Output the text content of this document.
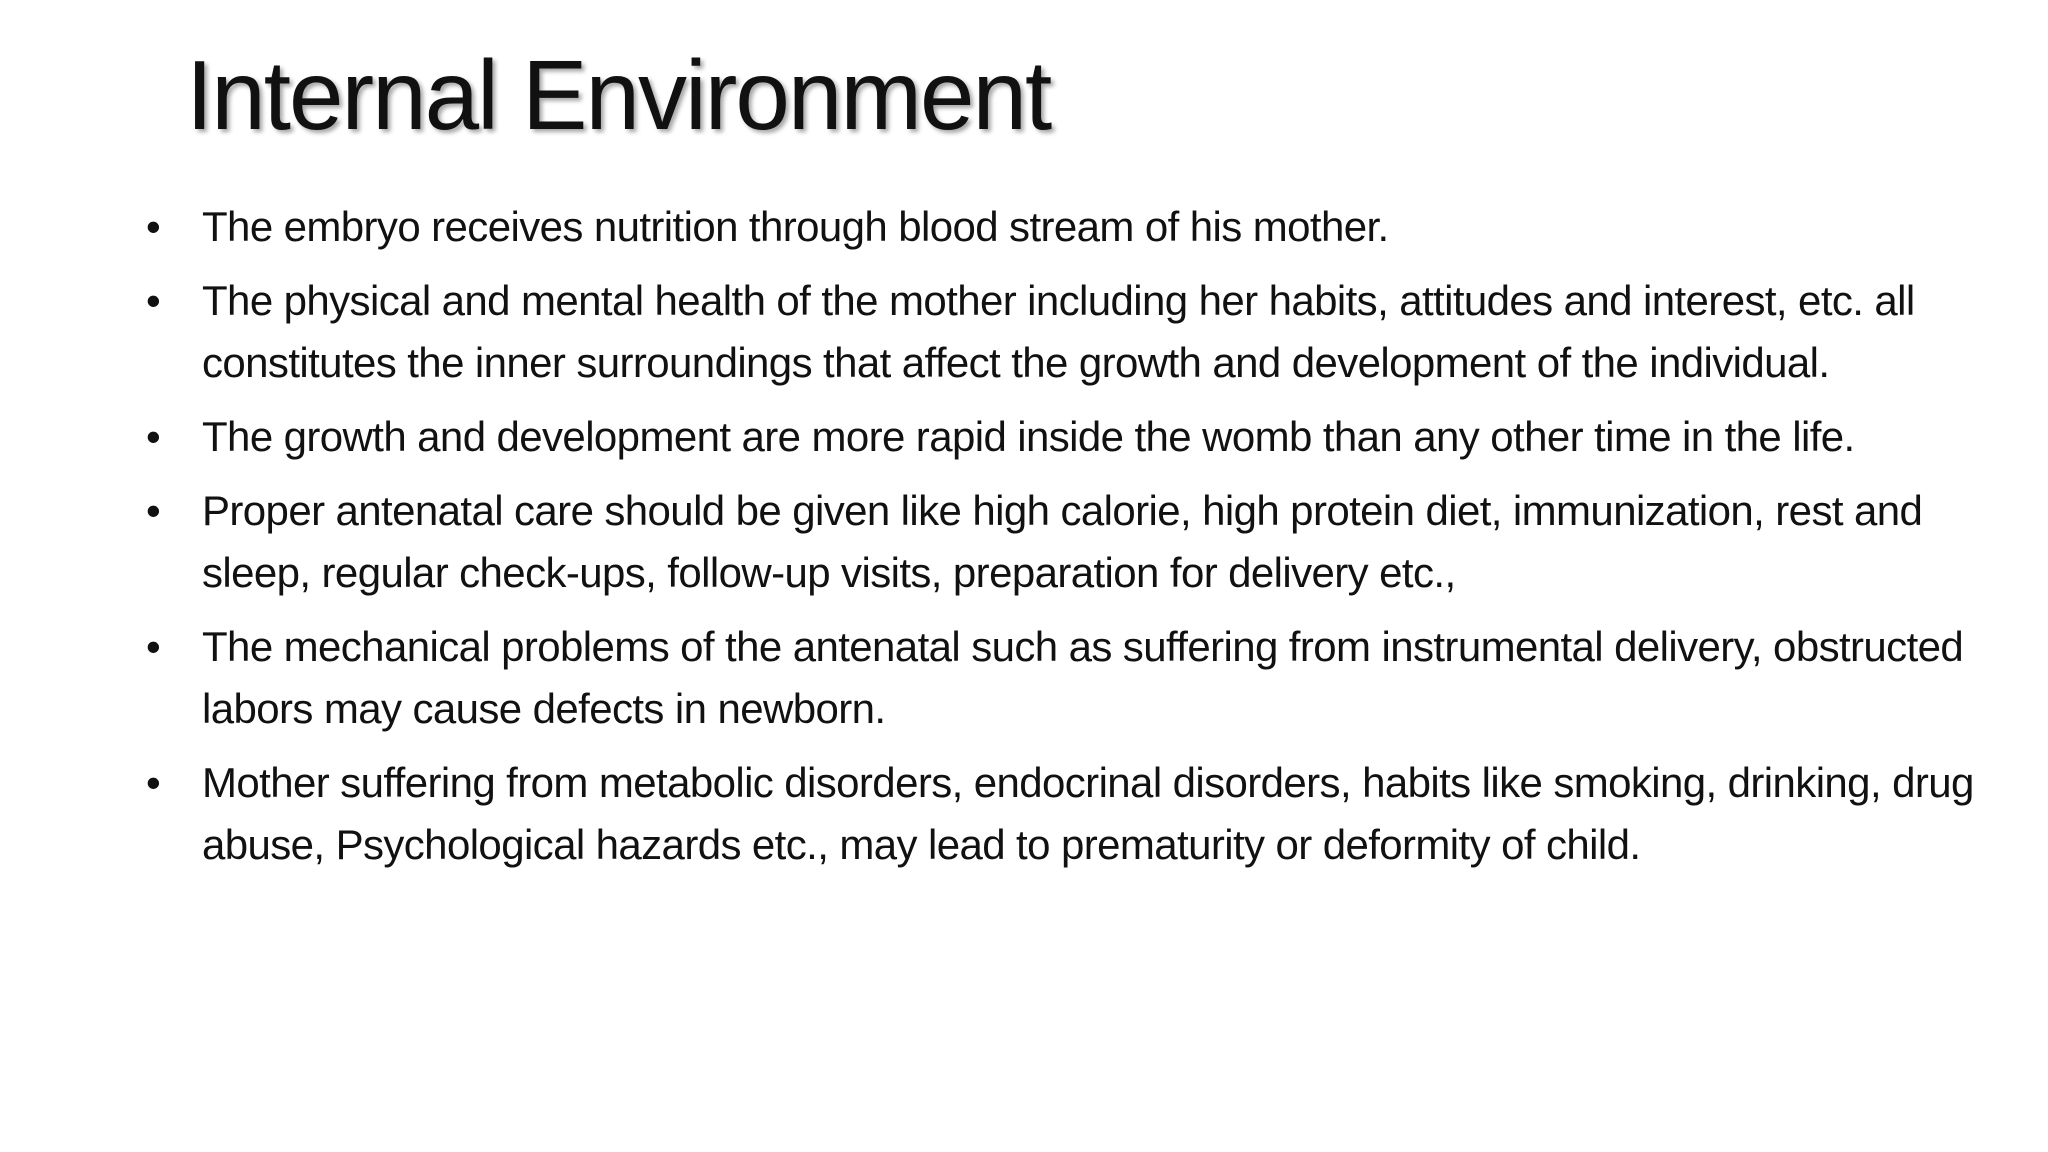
Internal Environment
• The embryo receives nutrition through blood stream of his mother.
• The physical and mental health of the mother including her habits, attitudes and interest, etc. all constitutes the inner surroundings that affect the growth and development of the individual.
• The growth and development are more rapid inside the womb than any other time in the life.
• Proper antenatal care should be given like high calorie, high protein diet, immunization, rest and sleep, regular check-ups, follow-up visits, preparation for delivery etc.,
• The mechanical problems of the antenatal such as suffering from instrumental delivery, obstructed labors may cause defects in newborn.
• Mother suffering from metabolic disorders, endocrinal disorders, habits like smoking, drinking, drug abuse, Psychological hazards etc., may lead to prematurity or deformity of child.
